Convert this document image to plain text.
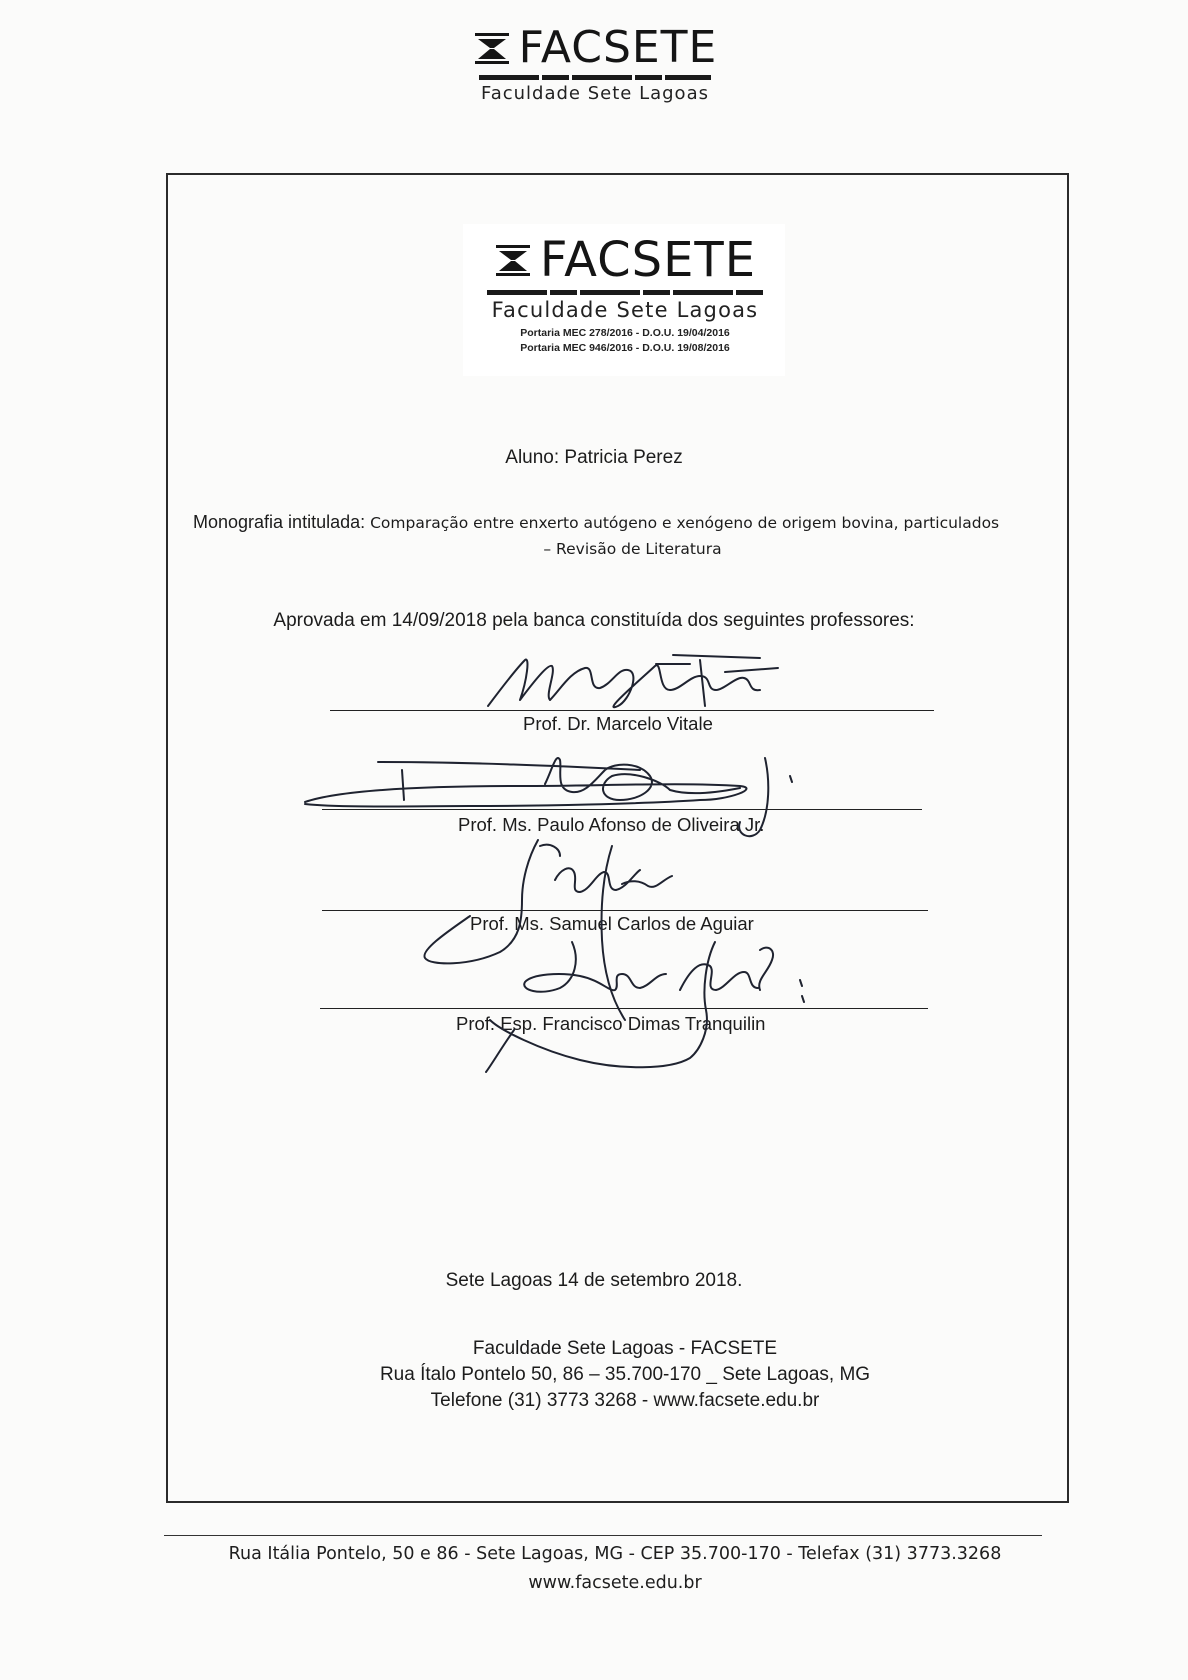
FACSETE
Faculdade Sete Lagoas
FACSETE
Faculdade Sete Lagoas
Portaria MEC 278/2016 - D.O.U. 19/04/2016
Portaria MEC 946/2016 - D.O.U. 19/08/2016
Aluno: Patricia Perez
Monografia intitulada: Comparação entre enxerto autógeno e xenógeno de origem bovina, particulados
– Revisão de Literatura
Aprovada em 14/09/2018 pela banca constituída dos seguintes professores:
Prof. Dr. Marcelo Vitale
Prof. Ms. Paulo Afonso de Oliveira Jr.
Prof. Ms. Samuel Carlos de Aguiar
Prof. Esp. Francisco Dimas Tranquilin
Sete Lagoas 14 de setembro 2018.
Faculdade Sete Lagoas - FACSETE
Rua Ítalo Pontelo 50, 86 – 35.700-170 _ Sete Lagoas, MG
Telefone (31) 3773 3268 - www.facsete.edu.br
Rua Itália Pontelo, 50 e 86 - Sete Lagoas, MG - CEP 35.700-170 - Telefax (31) 3773.3268
www.facsete.edu.br
